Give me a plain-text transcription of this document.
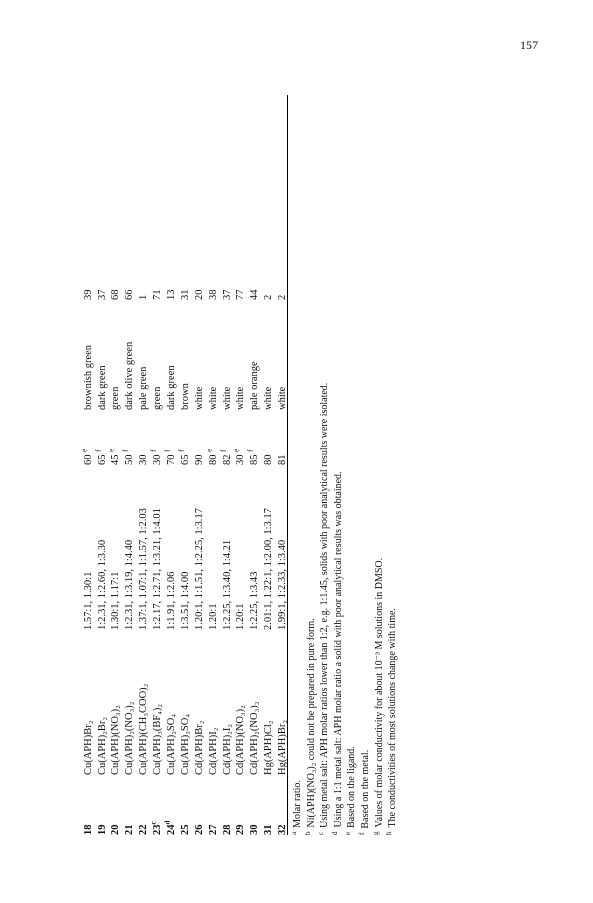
157
18	Cu(APH)Br₂	1.57:1, 1.30:1	60 $^e$	brownish green	39
19	Cu(APH)₂Br₂	1:2.31, 1:2.60, 1:3.30	65 $^f$	dark green	37
20	Cu(APH)(NO₃)₂	1.30:1, 1.17:1	45 $^e$	green	68
21	Cu(APH)₂(NO₃)₂	1:2.31, 1:3.19, 1:4.40	50 $^f$	dark olive green	66
22	Cu(APH)(CH₃COO)₂	1.37:1, 1.07:1, 1:1.57, 1:2.03	30	pale green	1
23$^c$	Cu(APH)₃(BF₄)₂	1:2.17, 1:2.71, 1:3.21, 1:4.01	30 $^f$	green	71
24$^d$	Cu(APH)₂SO₄	1:1.91, 1:2.06	70 $^f$	dark green	13
25	Cu(APH)₃SO₄	1:3.51, 1:4.00	65 $^f$	brown	31
26	Cd(APH)Br₂	1.20:1, 1:1.51, 1:2.25, 1:3.17	90	white	20
27	Cd(APH)I₂	1.20:1	80 $^e$	white	38
28	Cd(APH)₂I₂	1:2.25, 1:3.40, 1:4.21	82 $^f$	white	37
29	Cd(APH)(NO₃)₂	1.20:1	30 $^e$	white	77
30	Cd(APH)₂(NO₃)₂	1:2.25, 1:3.43	85 $^f$	pale orange	44
31	Hg(APH)Cl₂	2.01:1, 1.22:1, 1:2.00, 1:3.17	80	white	2
32	Hg(APH)Br₂	1.99:1, 1:2.33, 1:3.40	81	white	2
$^a$Molar ratio.
$^b$Ni(APH)(NO₃)₂ could not be prepared in pure form.
$^c$Using metal salt: APH molar ratios lower than 1:2, e.g. 1:1.45, solids with poor analytical results were isolated.
$^d$Using a 1:1 metal salt: APH molar ratio a solid with poor analytical results was obtained.
$^e$Based on the ligand.
$^f$Based on the metal.
$^g$Values of molar conductivity for about 10⁻³ M solutions in DMSO.
$^h$The conductivities of most solutions change with time.
